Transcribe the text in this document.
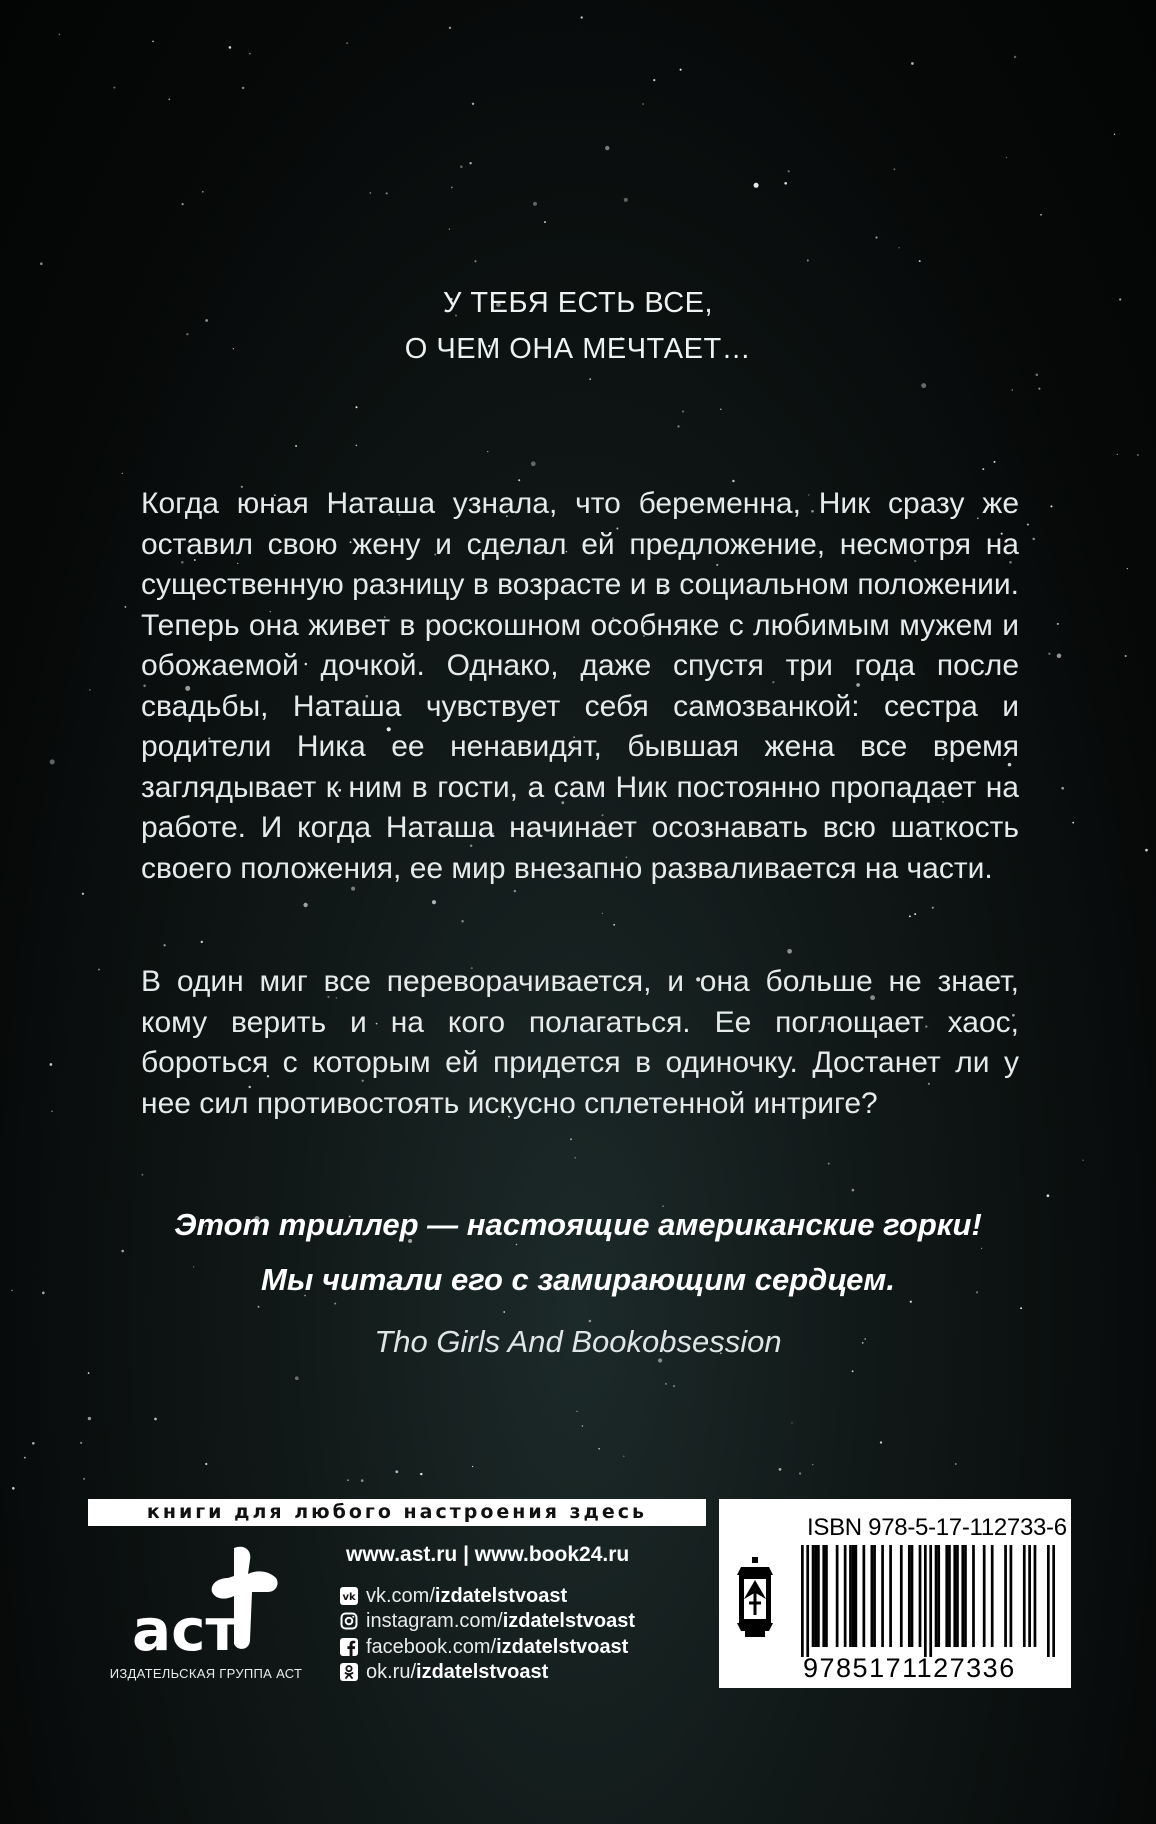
У ТЕБЯ ЕСТЬ ВСЕ,
О ЧЕМ ОНА МЕЧТАЕТ…

Когда юная Наташа узнала, что беременна, Ник сразу же оставил свою жену и сделал ей предложение, несмотря на существенную разницу в возрасте и в социальном положении. Теперь она живет в роскошном особняке с любимым мужем и обожаемой дочкой. Однако, даже спустя три года после свадьбы, Наташа чувствует себя самозванкой: сестра и родители Ника ее ненавидят, бывшая жена все время заглядывает к ним в гости, а сам Ник постоянно пропадает на работе. И когда Наташа начинает осознавать всю шаткость своего положения, ее мир внезапно разваливается на части.

В один миг все переворачивается, и она больше не знает, кому верить и на кого полагаться. Ее поглощает хаос, бороться с которым ей придется в одиночку. Достанет ли у нее сил противостоять искусно сплетенной интриге?

Этот триллер — настоящие американские горки!
Мы читали его с замирающим сердцем.
Tho Girls And Bookobsession
книги для любого настроения здесь
аст
ИЗДАТЕЛЬСКАЯ ГРУППА АСТ
www.ast.ru | www.book24.ru
vk vk.com/ izdatelstvoast
instagram.com/ izdatelstvoast
facebook.com/ izdatelstvoast
ok.ru/ izdatelstvoast
ISBN 978-5-17-112733-6
9785171127336
